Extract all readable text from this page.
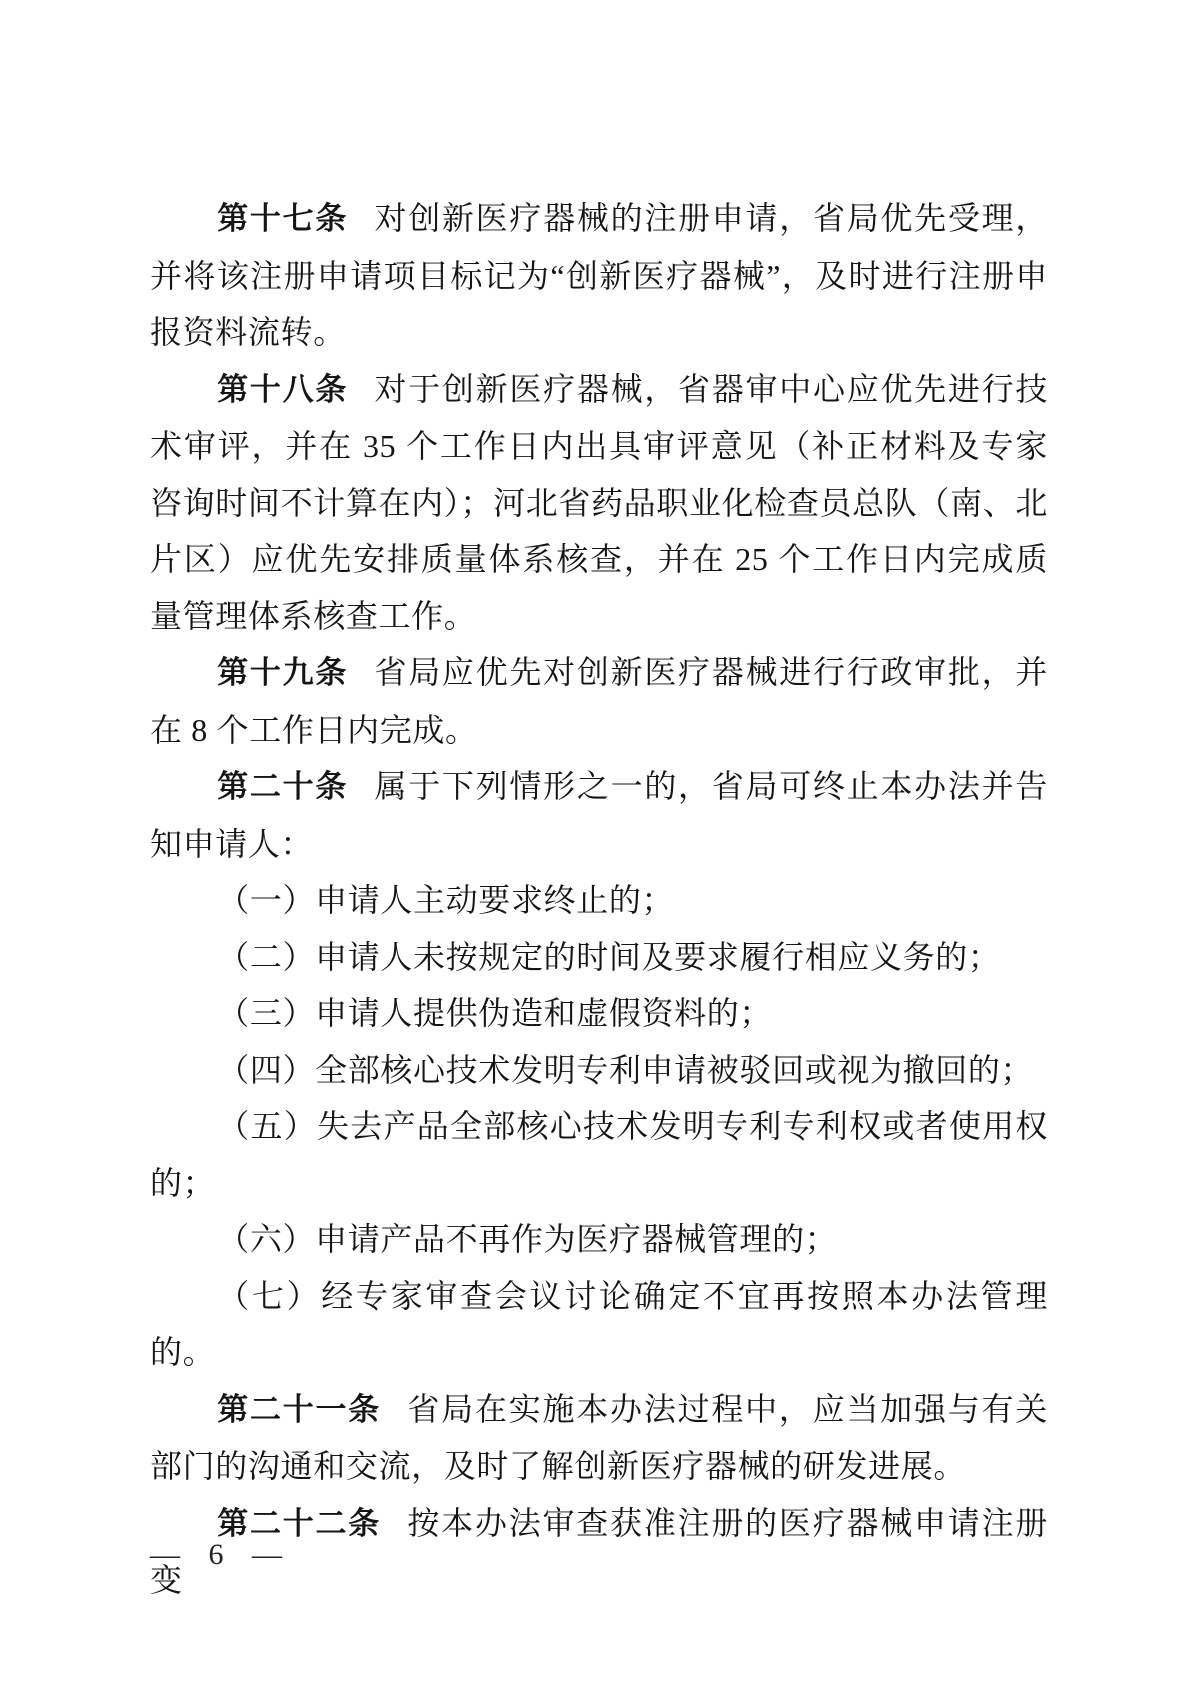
第十七条 对创新医疗器械的注册申请，省局优先受理，并将该注册申请项目标记为“创新医疗器械”，及时进行注册申报资料流转。

第十八条 对于创新医疗器械，省器审中心应优先进行技术审评，并在 35 个工作日内出具审评意见（补正材料及专家咨询时间不计算在内）；河北省药品职业化检查员总队（南、北片区）应优先安排质量体系核查，并在 25 个工作日内完成质量管理体系核查工作。

第十九条 省局应优先对创新医疗器械进行行政审批，并在 8 个工作日内完成。

第二十条 属于下列情形之一的，省局可终止本办法并告知申请人：

（一）申请人主动要求终止的；

（二）申请人未按规定的时间及要求履行相应义务的；

（三）申请人提供伪造和虚假资料的；

（四）全部核心技术发明专利申请被驳回或视为撤回的；

（五）失去产品全部核心技术发明专利专利权或者使用权的；

（六）申请产品不再作为医疗器械管理的；

（七）经专家审查会议讨论确定不宜再按照本办法管理的。

第二十一条 省局在实施本办法过程中，应当加强与有关部门的沟通和交流，及时了解创新医疗器械的研发进展。

第二十二条 按本办法审查获准注册的医疗器械申请注册变

— 6 —
